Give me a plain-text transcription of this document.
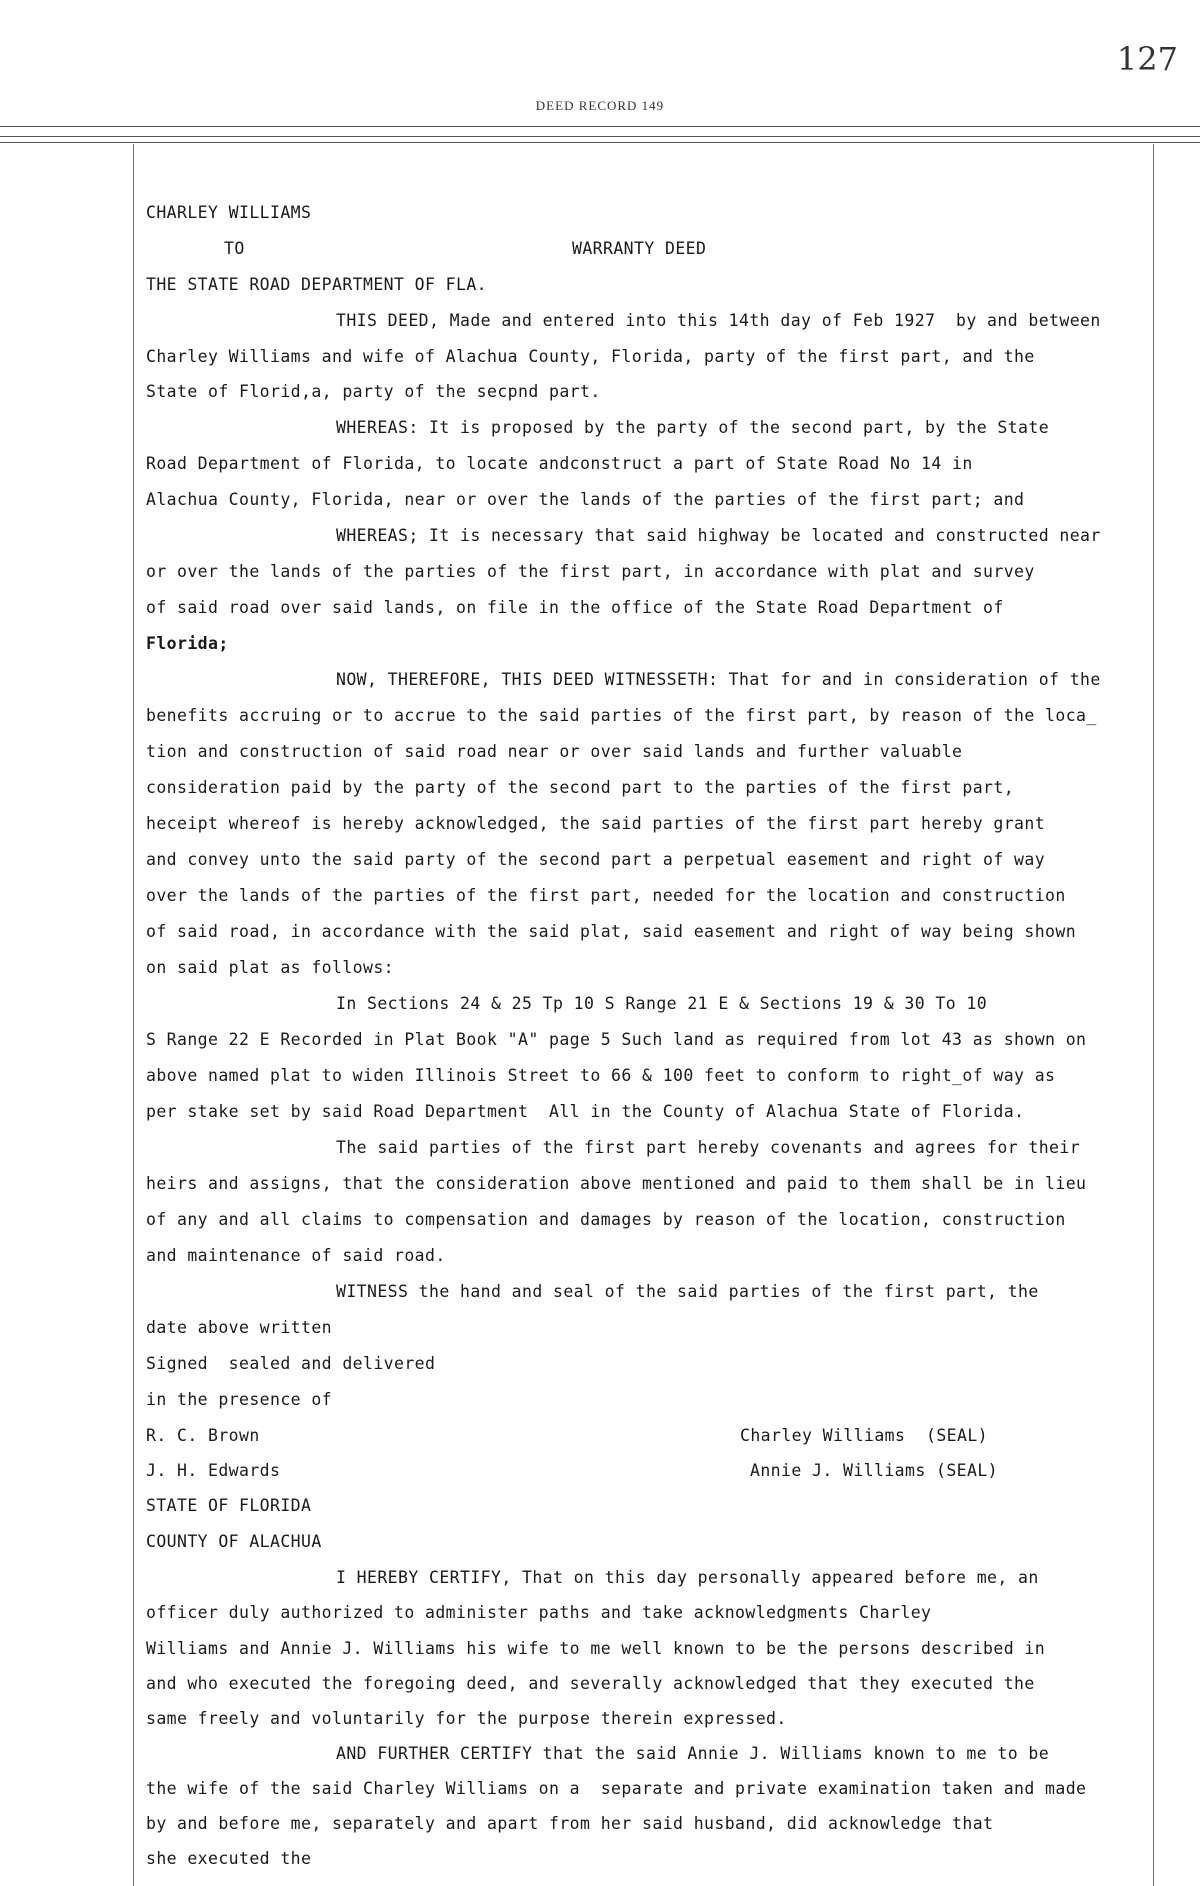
127
DEED RECORD 149
CHARLEY WILLIAMS
TO	WARRANTY DEED
THE STATE ROAD DEPARTMENT OF FLA.
THIS DEED, Made and entered into this 14th day of Feb 1927  by and between
Charley Williams and wife of Alachua County, Florida, party of the first part, and the
State of Florid,a, party of the secpnd part.
WHEREAS: It is proposed by the party of the second part, by the State
Road Department of Florida, to locate andconstruct a part of State Road No 14 in
Alachua County, Florida, near or over the lands of the parties of the first part; and
WHEREAS; It is necessary that said highway be located and constructed near
or over the lands of the parties of the first part, in accordance with plat and survey
of said road over said lands, on file in the office of the State Road Department of
Florida;
NOW, THEREFORE, THIS DEED WITNESSETH: That for and in consideration of the
benefits accruing or to accrue to the said parties of the first part, by reason of the loca_
tion and construction of said road near or over said lands and further valuable
consideration paid by the party of the second part to the parties of the first part,
heceipt whereof is hereby acknowledged, the said parties of the first part hereby grant
and convey unto the said party of the second part a perpetual easement and right of way
over the lands of the parties of the first part, needed for the location and construction
of said road, in accordance with the said plat, said easement and right of way being shown
on said plat as follows:
In Sections 24 & 25 Tp 10 S Range 21 E & Sections 19 & 30 To 10
S Range 22 E Recorded in Plat Book "A" page 5 Such land as required from lot 43 as shown on
above named plat to widen Illinois Street to 66 & 100 feet to conform to right_of way as
per stake set by said Road Department  All in the County of Alachua State of Florida.
The said parties of the first part hereby covenants and agrees for their
heirs and assigns, that the consideration above mentioned and paid to them shall be in lieu
of any and all claims to compensation and damages by reason of the location, construction
and maintenance of said road.
WITNESS the hand and seal of the said parties of the first part, the
date above written
Signed  sealed and delivered
in the presence of
R. C. Brown	Charley Williams  (SEAL)
J. H. Edwards	Annie J. Williams (SEAL)
STATE OF FLORIDA
COUNTY OF ALACHUA
I HEREBY CERTIFY, That on this day personally appeared before me, an
officer duly authorized to administer paths and take acknowledgments Charley
Williams and Annie J. Williams his wife to me well known to be the persons described in
and who executed the foregoing deed, and severally acknowledged that they executed the
same freely and voluntarily for the purpose therein expressed.
AND FURTHER CERTIFY that the said Annie J. Williams known to me to be
the wife of the said Charley Williams on a  separate and private examination taken and made
by and before me, separately and apart from her said husband, did acknowledge that
she executed the
